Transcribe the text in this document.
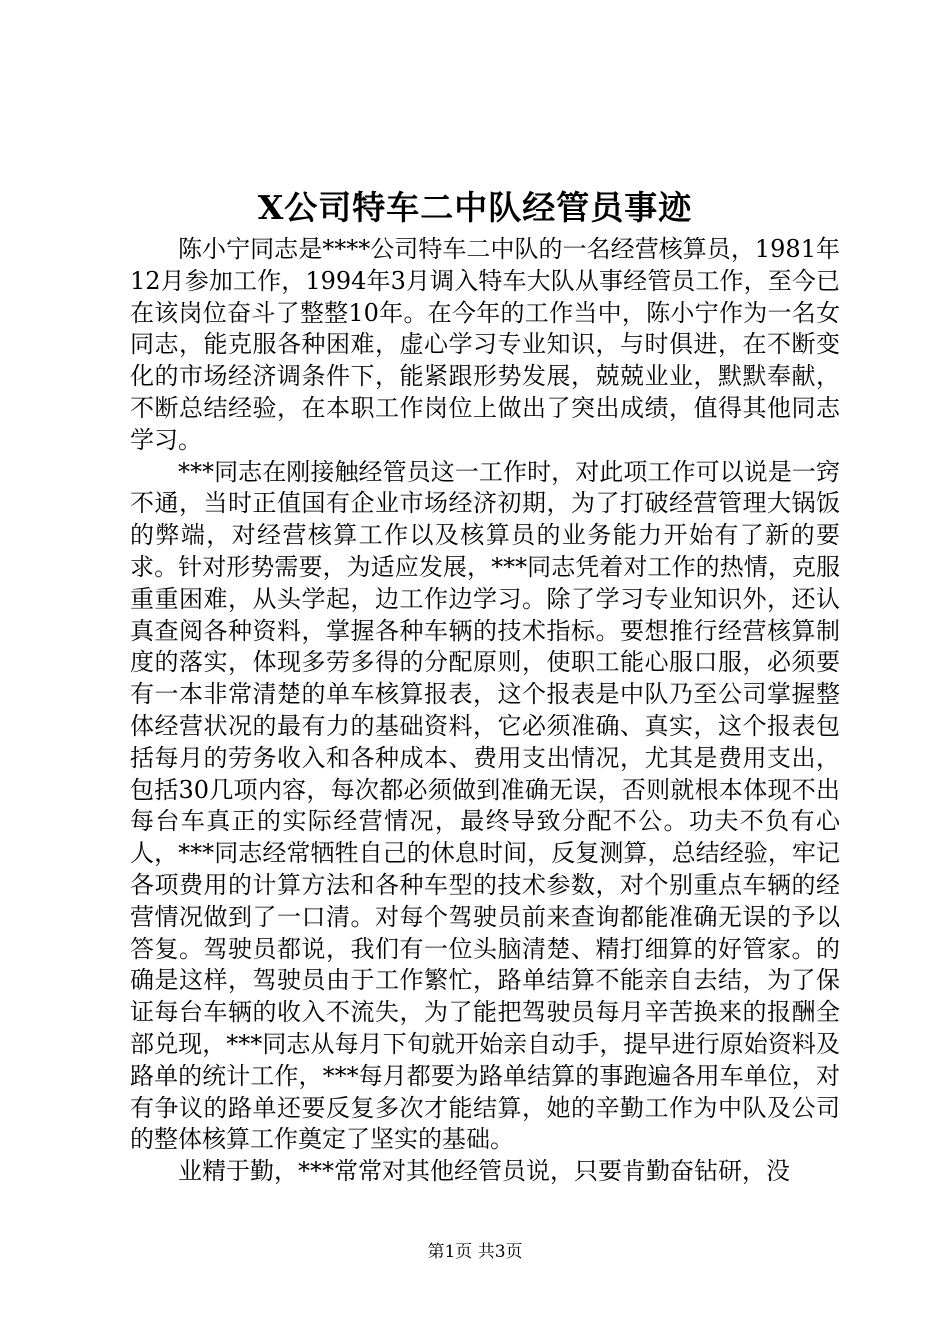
X公司特车二中队经管员事迹

陈小宁同志是****公司特车二中队的一名经营核算员，1981年12月参加工作，1994年3月调入特车大队从事经管员工作，至今已在该岗位奋斗了整整10年。在今年的工作当中，陈小宁作为一名女同志，能克服各种困难，虚心学习专业知识，与时俱进，在不断变化的市场经济调条件下，能紧跟形势发展，兢兢业业，默默奉献，不断总结经验，在本职工作岗位上做出了突出成绩，值得其他同志学习。

***同志在刚接触经管员这一工作时，对此项工作可以说是一窍不通，当时正值国有企业市场经济初期，为了打破经营管理大锅饭的弊端，对经营核算工作以及核算员的业务能力开始有了新的要求。针对形势需要，为适应发展，***同志凭着对工作的热情，克服重重困难，从头学起，边工作边学习。除了学习专业知识外，还认真查阅各种资料，掌握各种车辆的技术指标。要想推行经营核算制度的落实，体现多劳多得的分配原则，使职工能心服口服，必须要有一本非常清楚的单车核算报表，这个报表是中队乃至公司掌握整体经营状况的最有力的基础资料，它必须准确、真实，这个报表包括每月的劳务收入和各种成本、费用支出情况，尤其是费用支出，包括30几项内容，每次都必须做到准确无误，否则就根本体现不出每台车真正的实际经营情况，最终导致分配不公。功夫不负有心人，***同志经常牺牲自己的休息时间，反复测算，总结经验，牢记各项费用的计算方法和各种车型的技术参数，对个别重点车辆的经营情况做到了一口清。对每个驾驶员前来查询都能准确无误的予以答复。驾驶员都说，我们有一位头脑清楚、精打细算的好管家。的确是这样，驾驶员由于工作繁忙，路单结算不能亲自去结，为了保证每台车辆的收入不流失，为了能把驾驶员每月辛苦换来的报酬全部兑现，***同志从每月下旬就开始亲自动手，提早进行原始资料及路单的统计工作，***每月都要为路单结算的事跑遍各用车单位，对有争议的路单还要反复多次才能结算，她的辛勤工作为中队及公司的整体核算工作奠定了坚实的基础。

业精于勤，***常常对其他经管员说，只要肯勤奋钻研，没

第1页 共3页
